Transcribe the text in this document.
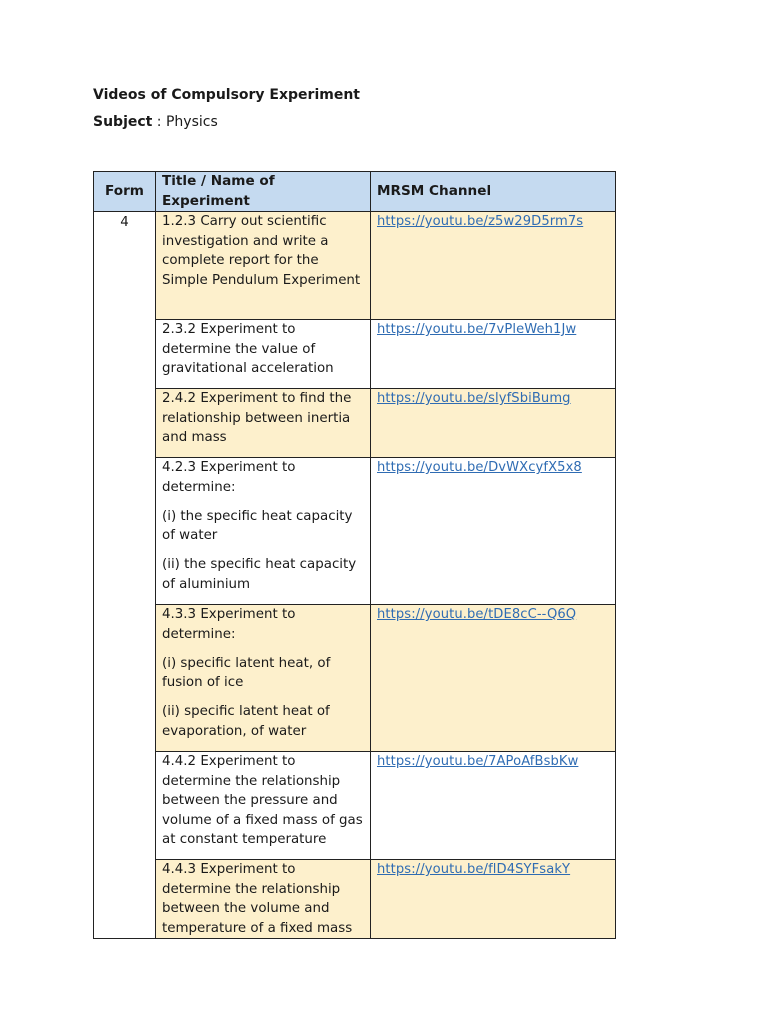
Videos of Compulsory Experiment
Subject : Physics
Form	Title / Name of Experiment	MRSM Channel
4	1.2.3 Carry out scientific investigation and write a complete report for the Simple Pendulum Experiment	https://youtu.be/z5w29D5rm7s

	2.3.2 Experiment to determine the value of gravitational acceleration	https://youtu.be/7vPleWeh1Jw

	2.4.2 Experiment to find the relationship between inertia and mass	https://youtu.be/slyfSbiBumg

	4.2.3 Experiment to determine:

(i) the specific heat capacity of water

(ii) the specific heat capacity of aluminium	https://youtu.be/DvWXcyfX5x8

	4.3.3 Experiment to determine:

(i) specific latent heat, of fusion of ice

(ii) specific latent heat of evaporation, of water	https://youtu.be/tDE8cC--Q6Q

	4.4.2 Experiment to determine the relationship between the pressure and volume of a fixed mass of gas at constant temperature	https://youtu.be/7APoAfBsbKw

	4.4.3 Experiment to determine the relationship between the volume and temperature of a fixed mass	https://youtu.be/flD4SYFsakY
